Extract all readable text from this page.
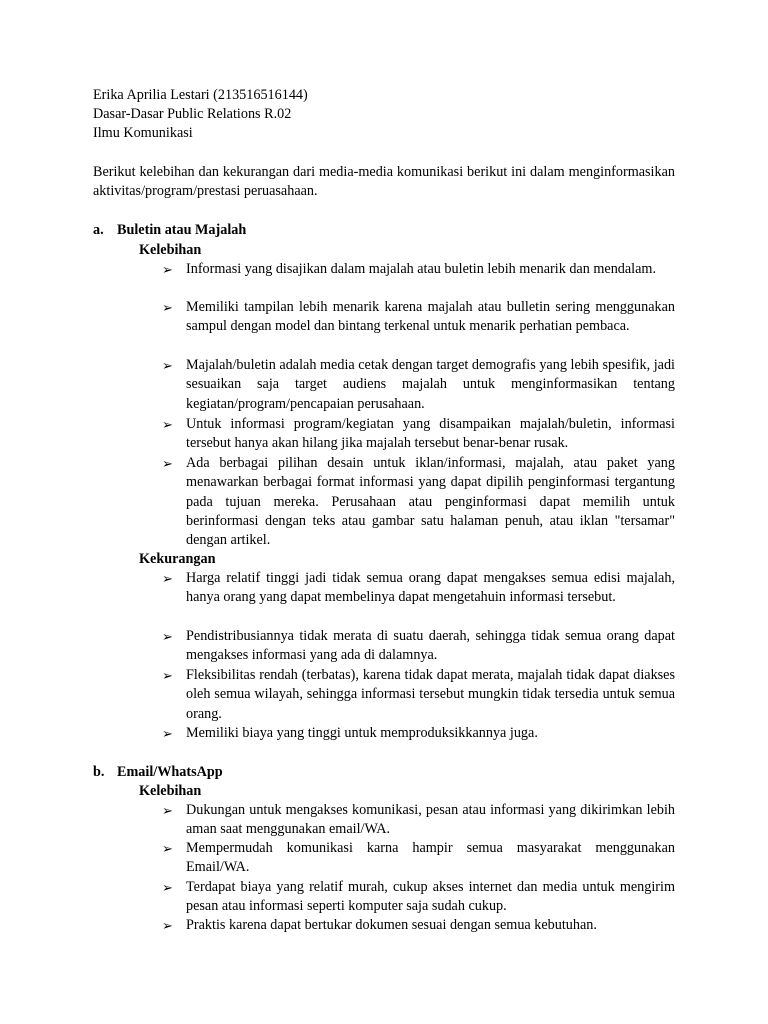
Erika Aprilia Lestari (213516516144)
Dasar-Dasar Public Relations R.02
Ilmu Komunikasi
Berikut kelebihan dan kekurangan dari media-media komunikasi berikut ini dalam menginformasikan aktivitas/program/prestasi peruasahaan.
a. Buletin atau Majalah
Kelebihan
➢ Informasi yang disajikan dalam majalah atau buletin lebih menarik dan mendalam.
➢ Memiliki tampilan lebih menarik karena majalah atau bulletin sering menggunakan sampul dengan model dan bintang terkenal untuk menarik perhatian pembaca.
➢ Majalah/buletin adalah media cetak dengan target demografis yang lebih spesifik, jadi sesuaikan saja target audiens majalah untuk menginformasikan tentang kegiatan/program/pencapaian perusahaan.
➢ Untuk informasi program/kegiatan yang disampaikan majalah/buletin, informasi tersebut hanya akan hilang jika majalah tersebut benar-benar rusak.
➢ Ada berbagai pilihan desain untuk iklan/informasi, majalah, atau paket yang menawarkan berbagai format informasi yang dapat dipilih penginformasi tergantung pada tujuan mereka. Perusahaan atau penginformasi dapat memilih untuk berinformasi dengan teks atau gambar satu halaman penuh, atau iklan "tersamar" dengan artikel.
Kekurangan
➢ Harga relatif tinggi jadi tidak semua orang dapat mengakses semua edisi majalah, hanya orang yang dapat membelinya dapat mengetahuin informasi tersebut.
➢ Pendistribusiannya tidak merata di suatu daerah, sehingga tidak semua orang dapat mengakses informasi yang ada di dalamnya.
➢ Fleksibilitas rendah (terbatas), karena tidak dapat merata, majalah tidak dapat diakses oleh semua wilayah, sehingga informasi tersebut mungkin tidak tersedia untuk semua orang.
➢ Memiliki biaya yang tinggi untuk memproduksikkannya juga.
b. Email/WhatsApp
Kelebihan
➢ Dukungan untuk mengakses komunikasi, pesan atau informasi yang dikirimkan lebih aman saat menggunakan email/WA.
➢ Mempermudah komunikasi karna hampir semua masyarakat menggunakan Email/WA.
➢ Terdapat biaya yang relatif murah, cukup akses internet dan media untuk mengirim pesan atau informasi seperti komputer saja sudah cukup.
➢ Praktis karena dapat bertukar dokumen sesuai dengan semua kebutuhan.
